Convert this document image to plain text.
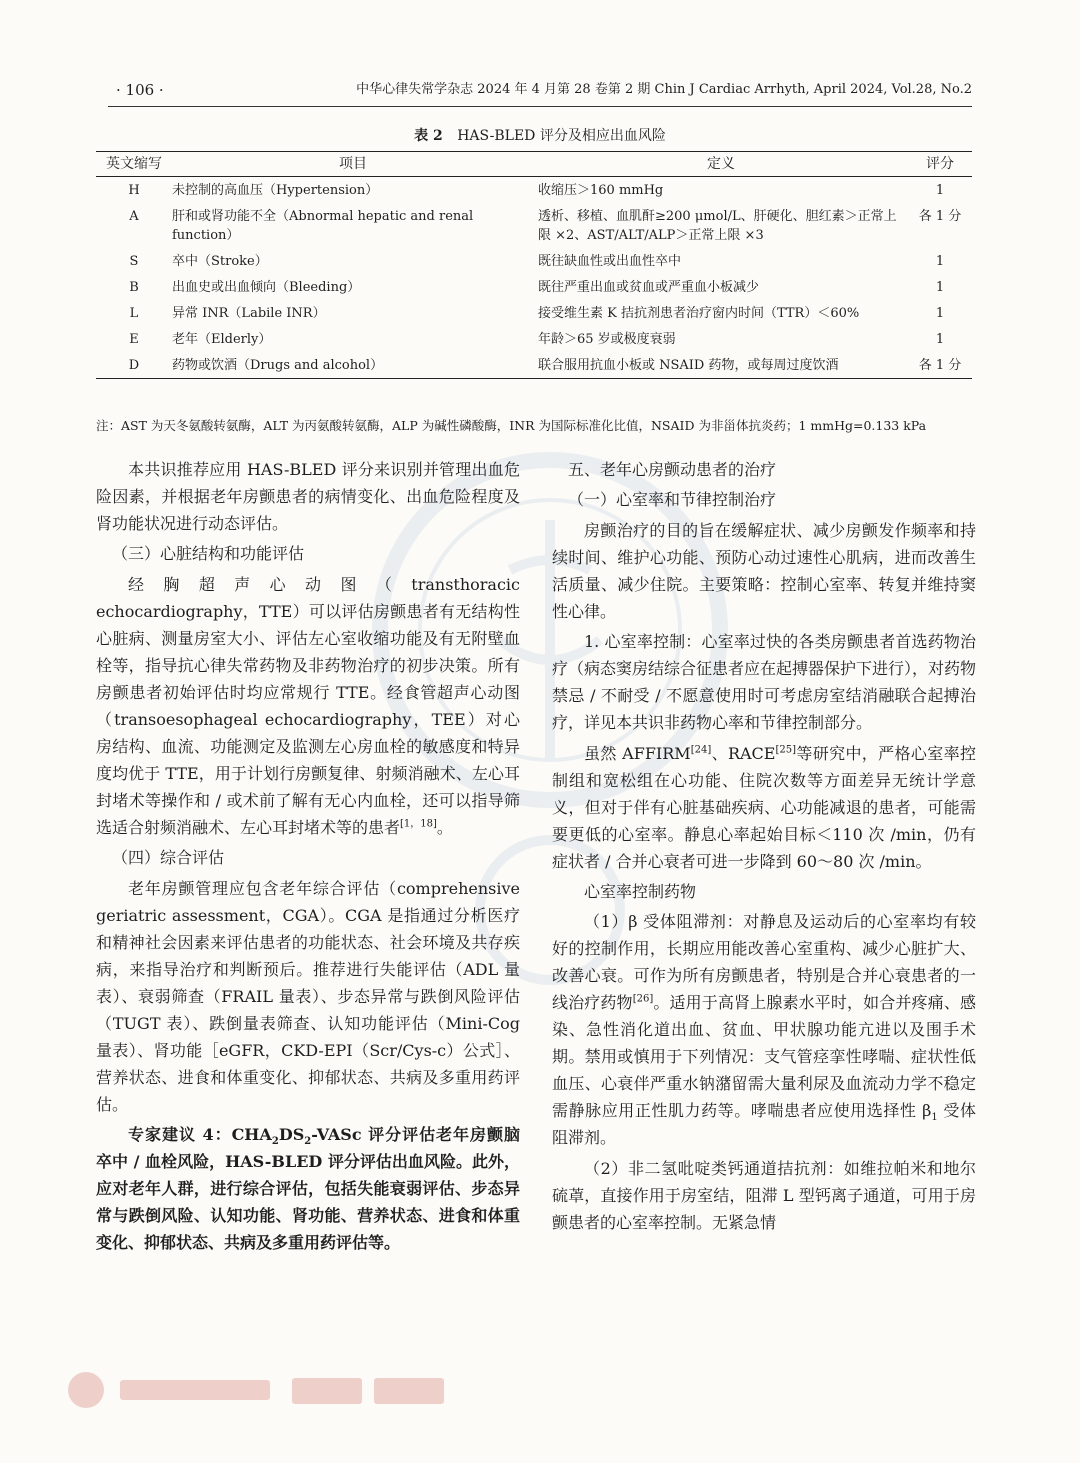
· 106 ·	中华心律失常学杂志 2024 年 4 月第 28 卷第 2 期 Chin J Cardiac Arrhyth, April 2024, Vol.28, No.2
表 2 HAS-BLED 评分及相应出血风险
英文缩写	项目	定义	评分
H	未控制的高血压（Hypertension）	收缩压＞160 mmHg	1
A	肝和或肾功能不全（Abnormal hepatic and renal function）	透析、移植、血肌酐≥200 μmol/L、肝硬化、胆红素＞正常上限 ×2、AST/ALT/ALP＞正常上限 ×3	各 1 分
S	卒中（Stroke）	既往缺血性或出血性卒中	1
B	出血史或出血倾向（Bleeding）	既往严重出血或贫血或严重血小板减少	1
L	异常 INR（Labile INR）	接受维生素 K 拮抗剂患者治疗窗内时间（TTR）＜60%	1
E	老年（Elderly）	年龄＞65 岁或极度衰弱	1
D	药物或饮酒（Drugs and alcohol）	联合服用抗血小板或 NSAID 药物，或每周过度饮酒	各 1 分
注：AST 为天冬氨酸转氨酶，ALT 为丙氨酸转氨酶，ALP 为碱性磷酸酶，INR 为国际标准化比值，NSAID 为非甾体抗炎药；1 mmHg=0.133 kPa

本共识推荐应用 HAS-BLED 评分来识别并管理出血危险因素，并根据老年房颤患者的病情变化、出血危险程度及肾功能状况进行动态评估。

（三）心脏结构和功能评估

经胸超声心动图（transthoracic echocardiography，TTE）可以评估房颤患者有无结构性心脏病、测量房室大小、评估左心室收缩功能及有无附壁血栓等，指导抗心律失常药物及非药物治疗的初步决策。所有房颤患者初始评估时均应常规行 TTE。经食管超声心动图（transoesophageal echocardiography，TEE）对心房结构、血流、功能测定及监测左心房血栓的敏感度和特异度均优于 TTE，用于计划行房颤复律、射频消融术、左心耳封堵术等操作和 / 或术前了解有无心内血栓，还可以指导筛选适合射频消融术、左心耳封堵术等的患者[1，18]。

（四）综合评估

老年房颤管理应包含老年综合评估（comprehensive geriatric assessment，CGA）。CGA 是指通过分析医疗和精神社会因素来评估患者的功能状态、社会环境及共存疾病，来指导治疗和判断预后。推荐进行失能评估（ADL 量表）、衰弱筛查（FRAIL 量表）、步态异常与跌倒风险评估（TUGT 表）、跌倒量表筛查、认知功能评估（Mini-Cog 量表）、肾功能［eGFR，CKD-EPI（Scr/Cys-c）公式］、营养状态、进食和体重变化、抑郁状态、共病及多重用药评估。

专家建议 4：$CHA_2DS_2$-VASc 评分评估老年房颤脑卒中 / 血栓风险，HAS-BLED 评分评估出血风险。此外，应对老年人群，进行综合评估，包括失能衰弱评估、步态异常与跌倒风险、认知功能、肾功能、营养状态、进食和体重变化、抑郁状态、共病及多重用药评估等。

五、老年心房颤动患者的治疗

（一）心室率和节律控制治疗

房颤治疗的目的旨在缓解症状、减少房颤发作频率和持续时间、维护心功能、预防心动过速性心肌病，进而改善生活质量、减少住院。主要策略：控制心室率、转复并维持窦性心律。

1. 心室率控制：心室率过快的各类房颤患者首选药物治疗（病态窦房结综合征患者应在起搏器保护下进行），对药物禁忌 / 不耐受 / 不愿意使用时可考虑房室结消融联合起搏治疗，详见本共识非药物心率和节律控制部分。

虽然 AFFIRM[24]、RACE[25]等研究中，严格心室率控制组和宽松组在心功能、住院次数等方面差异无统计学意义，但对于伴有心脏基础疾病、心功能减退的患者，可能需要更低的心室率。静息心率起始目标＜110 次 /min，仍有症状者 / 合并心衰者可进一步降到 60～80 次 /min。

心室率控制药物

（1）β 受体阻滞剂：对静息及运动后的心室率均有较好的控制作用，长期应用能改善心室重构、减少心脏扩大、改善心衰。可作为所有房颤患者，特别是合并心衰患者的一线治疗药物[26]。适用于高肾上腺素水平时，如合并疼痛、感染、急性消化道出血、贫血、甲状腺功能亢进以及围手术期。禁用或慎用于下列情况：支气管痉挛性哮喘、症状性低血压、心衰伴严重水钠潴留需大量利尿及血流动力学不稳定需静脉应用正性肌力药等。哮喘患者应使用选择性 $\beta_1$ 受体阻滞剂。

（2）非二氢吡啶类钙通道拮抗剂：如维拉帕米和地尔硫䓬，直接作用于房室结，阻滞 L 型钙离子通道，可用于房颤患者的心室率控制。无紧急情
